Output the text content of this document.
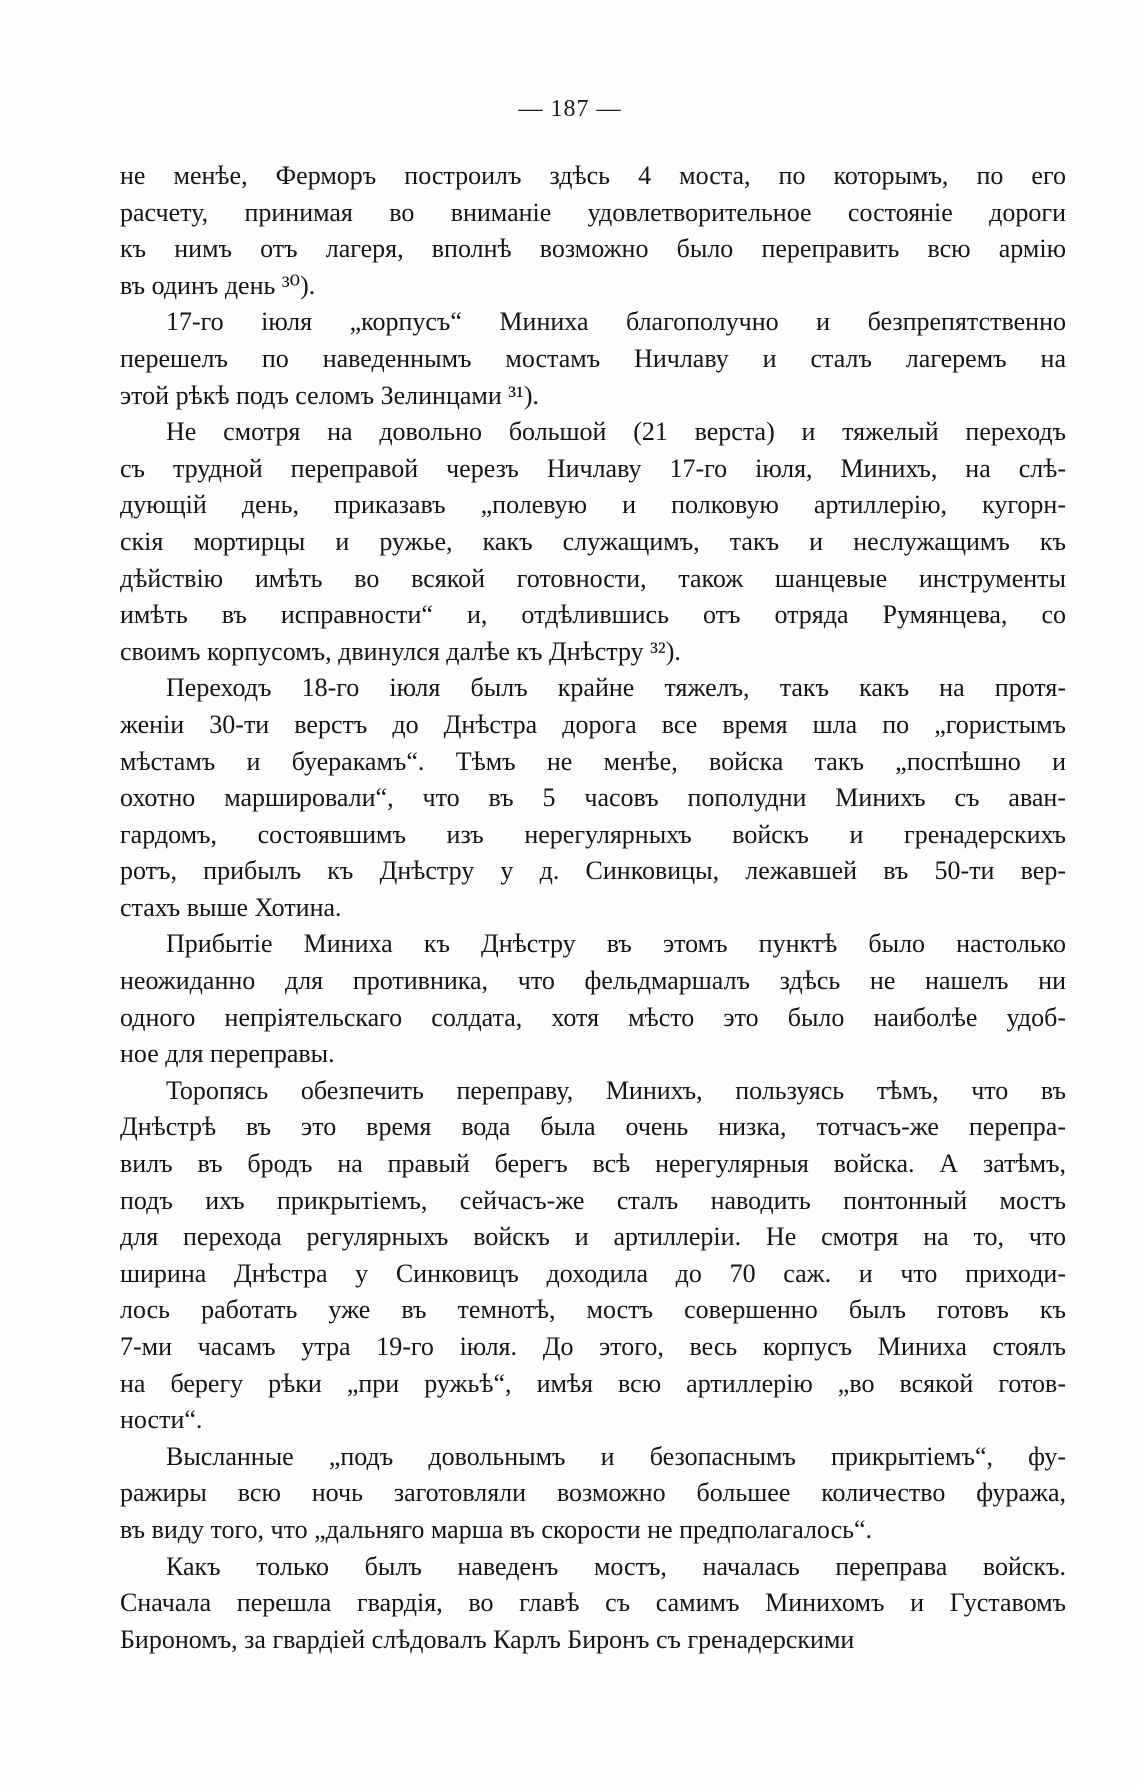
— 187 —
не менѣе, Ферморъ построилъ здѣсь 4 моста, по которымъ, по его
расчету, принимая во вниманіе удовлетворительное состояніе дороги
къ нимъ отъ лагеря, вполнѣ возможно было переправить всю армію
въ одинъ день ³⁰).
17-го іюля „корпусъ“ Миниха благополучно и безпрепятственно
перешелъ по наведеннымъ мостамъ Ничлаву и сталъ лагеремъ на
этой рѣкѣ подъ селомъ Зелинцами ³¹).
Не смотря на довольно большой (21 верста) и тяжелый переходъ
съ трудной переправой черезъ Ничлаву 17-го іюля, Минихъ, на слѣ-
дующій день, приказавъ „полевую и полковую артиллерію, кугорн-
скія мортирцы и ружье, какъ служащимъ, такъ и неслужащимъ къ
дѣйствію имѣть во всякой готовности, також шанцевые инструменты
имѣть въ исправности“ и, отдѣлившись отъ отряда Румянцева, со
своимъ корпусомъ, двинулся далѣе къ Днѣстру ³²).
Переходъ 18-го іюля былъ крайне тяжелъ, такъ какъ на протя-
женіи 30-ти верстъ до Днѣстра дорога все время шла по „гористымъ
мѣстамъ и буеракамъ“. Тѣмъ не менѣе, войска такъ „поспѣшно и
охотно маршировали“, что въ 5 часовъ пополудни Минихъ съ аван-
гардомъ, состоявшимъ изъ нерегулярныхъ войскъ и гренадерскихъ
ротъ, прибылъ къ Днѣстру у д. Синковицы, лежавшей въ 50-ти вер-
стахъ выше Хотина.
Прибытіе Миниха къ Днѣстру въ этомъ пунктѣ было настолько
неожиданно для противника, что фельдмаршалъ здѣсь не нашелъ ни
одного непріятельскаго солдата, хотя мѣсто это было наиболѣе удоб-
ное для переправы.
Торопясь обезпечить переправу, Минихъ, пользуясь тѣмъ, что въ
Днѣстрѣ въ это время вода была очень низка, тотчасъ-же перепра-
вилъ въ бродъ на правый берегъ всѣ нерегулярныя войска. А затѣмъ,
подъ ихъ прикрытіемъ, сейчасъ-же сталъ наводить понтонный мостъ
для перехода регулярныхъ войскъ и артиллеріи. Не смотря на то, что
ширина Днѣстра у Синковицъ доходила до 70 саж. и что приходи-
лось работать уже въ темнотѣ, мостъ совершенно былъ готовъ къ
7-ми часамъ утра 19-го іюля. До этого, весь корпусъ Миниха стоялъ
на берегу рѣки „при ружьѣ“, имѣя всю артиллерію „во всякой готов-
ности“.
Высланные „подъ довольнымъ и безопаснымъ прикрытіемъ“, фу-
ражиры всю ночь заготовляли возможно большее количество фуража,
въ виду того, что „дальняго марша въ скорости не предполагалось“.
Какъ только былъ наведенъ мостъ, началась переправа войскъ.
Сначала перешла гвардія, во главѣ съ самимъ Минихомъ и Густавомъ
Бирономъ, за гвардіей слѣдовалъ Карлъ Биронъ съ гренадерскими
